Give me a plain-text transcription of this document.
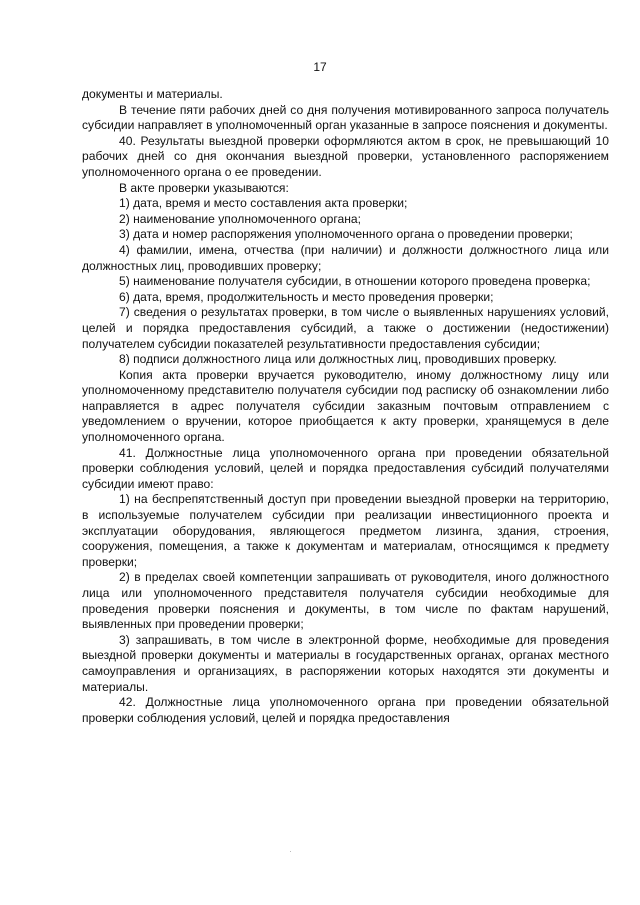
17

документы и материалы.

В течение пяти рабочих дней со дня получения мотивированного запроса получатель субсидии направляет в уполномоченный орган указанные в запросе пояснения и документы.

40. Результаты выездной проверки оформляются актом в срок, не превышающий 10 рабочих дней со дня окончания выездной проверки, установленного распоряжением уполномоченного органа о ее проведении.

В акте проверки указываются:

1) дата, время и место составления акта проверки;

2) наименование уполномоченного органа;

3) дата и номер распоряжения уполномоченного органа о проведении проверки;

4) фамилии, имена, отчества (при наличии) и должности должностного лица или должностных лиц, проводивших проверку;

5) наименование получателя субсидии, в отношении которого проведена проверка;

6) дата, время, продолжительность и место проведения проверки;

7) сведения о результатах проверки, в том числе о выявленных нарушениях условий, целей и порядка предоставления субсидий, а также о достижении (недостижении) получателем субсидии показателей результативности предоставления субсидии;

8) подписи должностного лица или должностных лиц, проводивших проверку.

Копия акта проверки вручается руководителю, иному должностному лицу или уполномоченному представителю получателя субсидии под расписку об ознакомлении либо направляется в адрес получателя субсидии заказным почтовым отправлением с уведомлением о вручении, которое приобщается к акту проверки, хранящемуся в деле уполномоченного органа.

41. Должностные лица уполномоченного органа при проведении обязательной проверки соблюдения условий, целей и порядка предоставления субсидий получателями субсидии имеют право:

1) на беспрепятственный доступ при проведении выездной проверки на территорию, в используемые получателем субсидии при реализации инвестиционного проекта и эксплуатации оборудования, являющегося предметом лизинга, здания, строения, сооружения, помещения, а также к документам и материалам, относящимся к предмету проверки;

2) в пределах своей компетенции запрашивать от руководителя, иного должностного лица или уполномоченного представителя получателя субсидии необходимые для проведения проверки пояснения и документы, в том числе по фактам нарушений, выявленных при проведении проверки;

3) запрашивать, в том числе в электронной форме, необходимые для проведения выездной проверки документы и материалы в государственных органах, органах местного самоуправления и организациях, в распоряжении которых находятся эти документы и материалы.

42. Должностные лица уполномоченного органа при проведении обязательной проверки соблюдения условий, целей и порядка предоставления
